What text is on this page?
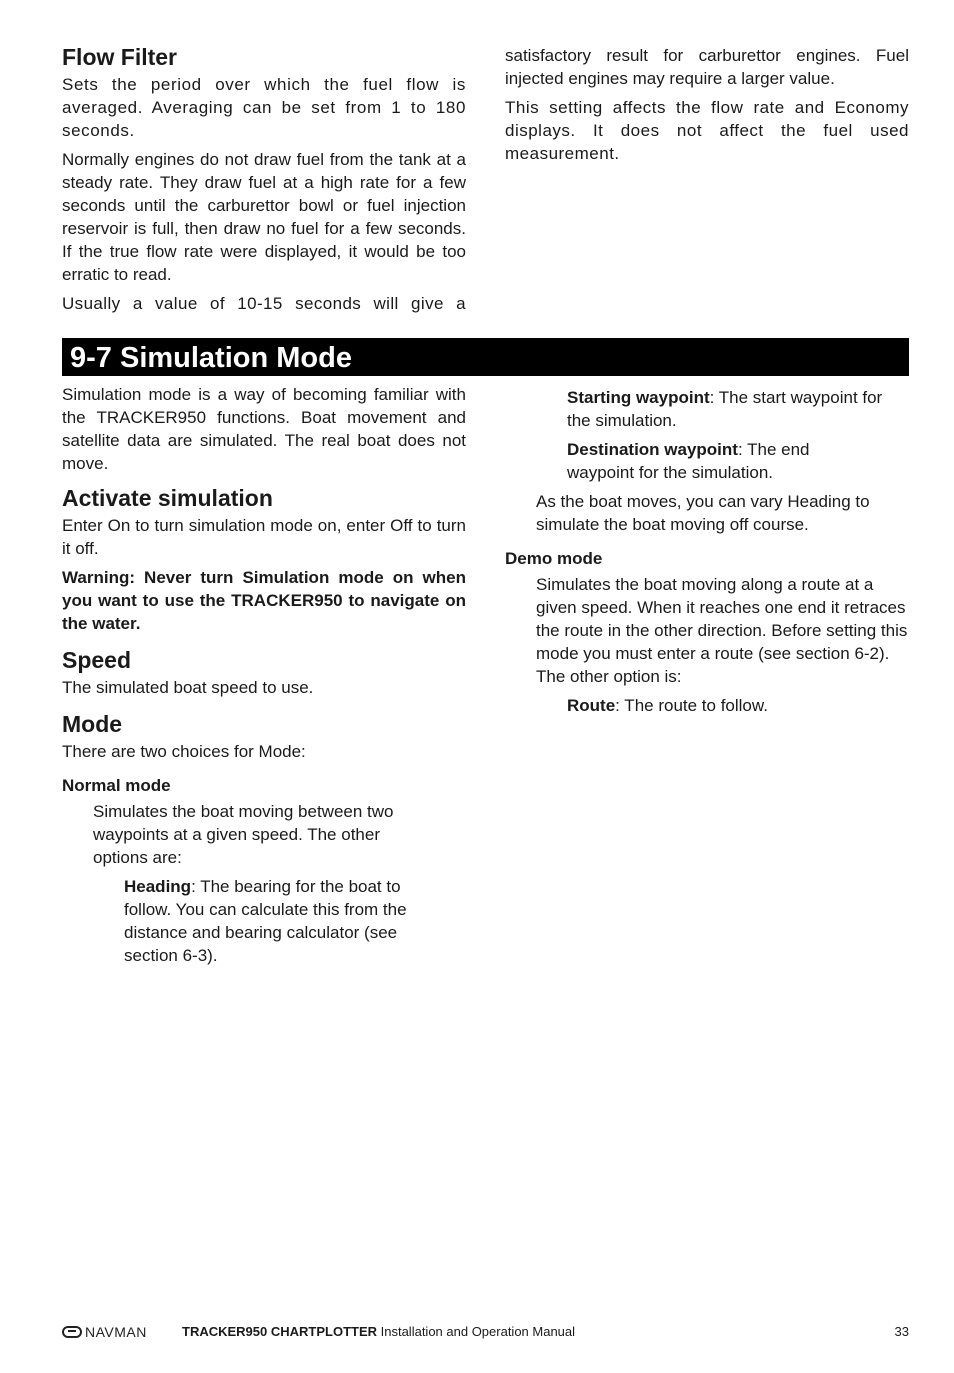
Flow Filter

Sets the period over which the fuel flow is averaged. Averaging can be set from 1 to 180 seconds.

Normally engines do not draw fuel from the tank at a steady rate. They draw fuel at a high rate for a few seconds until the carburettor bowl or fuel injection reservoir is full, then draw no fuel for a few seconds. If the true flow rate were displayed, it would be too erratic to read.

Usually a value of 10-15 seconds will give a

satisfactory result for carburettor engines. Fuel injected engines may require a larger value.

This setting affects the flow rate and Economy displays. It does not affect the fuel used measurement.

9-7 Simulation Mode

Simulation mode is a way of becoming familiar with the TRACKER950 functions. Boat movement and satellite data are simulated. The real boat does not move.

Activate simulation

Enter On to turn simulation mode on, enter Off to turn it off.

Warning: Never turn Simulation mode on when you want to use the TRACKER950 to navigate on the water.

Speed

The simulated boat speed to use.

Mode

There are two choices for Mode:

Normal mode

Simulates the boat moving between two waypoints at a given speed. The other options are:

Heading: The bearing for the boat to follow. You can calculate this from the distance and bearing calculator (see section 6-3).

Starting waypoint: The start waypoint for the simulation.

Destination waypoint: The end waypoint for the simulation.

As the boat moves, you can vary Heading to simulate the boat moving off course.

Demo mode

Simulates the boat moving along a route at a given speed. When it reaches one end it retraces the route in the other direction. Before setting this mode you must enter a route (see section 6-2). The other option is:

Route: The route to follow.

NAVMAN	TRACKER950 CHARTPLOTTER Installation and Operation Manual	33
